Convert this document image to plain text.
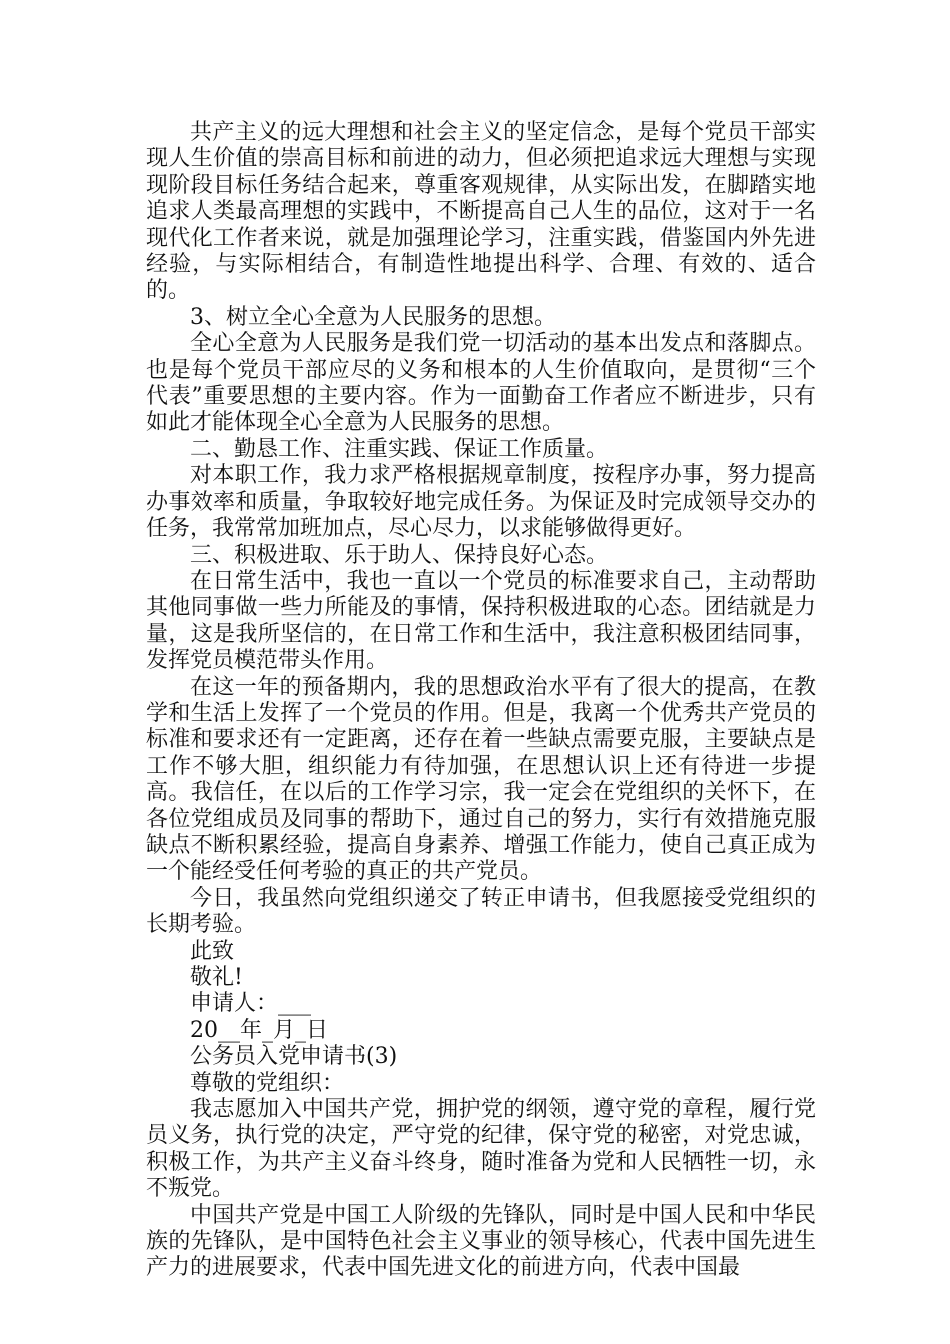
共产主义的远大理想和社会主义的坚定信念，是每个党员干部实现人生价值的崇高目标和前进的动力，但必须把追求远大理想与实现现阶段目标任务结合起来，尊重客观规律，从实际出发，在脚踏实地追求人类最高理想的实践中，不断提高自己人生的品位，这对于一名现代化工作者来说，就是加强理论学习，注重实践，借鉴国内外先进经验，与实际相结合，有制造性地提出科学、合理、有效的、适合的。

3、树立全心全意为人民服务的思想。

全心全意为人民服务是我们党一切活动的基本出发点和落脚点。也是每个党员干部应尽的义务和根本的人生价值取向，是贯彻“三个代表”重要思想的主要内容。作为一面勤奋工作者应不断进步，只有如此才能体现全心全意为人民服务的思想。

二、勤恳工作、注重实践、保证工作质量。

对本职工作，我力求严格根据规章制度，按程序办事，努力提高办事效率和质量，争取较好地完成任务。为保证及时完成领导交办的任务，我常常加班加点，尽心尽力，以求能够做得更好。

三、积极进取、乐于助人、保持良好心态。

在日常生活中，我也一直以一个党员的标准要求自己，主动帮助其他同事做一些力所能及的事情，保持积极进取的心态。团结就是力量，这是我所坚信的，在日常工作和生活中，我注意积极团结同事，发挥党员模范带头作用。

在这一年的预备期内，我的思想政治水平有了很大的提高，在教学和生活上发挥了一个党员的作用。但是，我离一个优秀共产党员的标准和要求还有一定距离，还存在着一些缺点需要克服，主要缺点是工作不够大胆，组织能力有待加强，在思想认识上还有待进一步提高。我信任，在以后的工作学习宗，我一定会在党组织的关怀下，在各位党组成员及同事的帮助下，通过自己的努力，实行有效措施克服缺点不断积累经验，提高自身素养、增强工作能力，使自己真正成为一个能经受任何考验的真正的共产党员。

今日，我虽然向党组织递交了转正申请书，但我愿接受党组织的长期考验。

此致

敬礼!

申请人：___

20__年_月_日

公务员入党申请书(3)

尊敬的党组织：

我志愿加入中国共产党，拥护党的纲领，遵守党的章程，履行党员义务，执行党的决定，严守党的纪律，保守党的秘密，对党忠诚，积极工作，为共产主义奋斗终身，随时准备为党和人民牺牲一切，永不叛党。

中国共产党是中国工人阶级的先锋队，同时是中国人民和中华民族的先锋队，是中国特色社会主义事业的领导核心，代表中国先进生产力的进展要求，代表中国先进文化的前进方向，代表中国最
